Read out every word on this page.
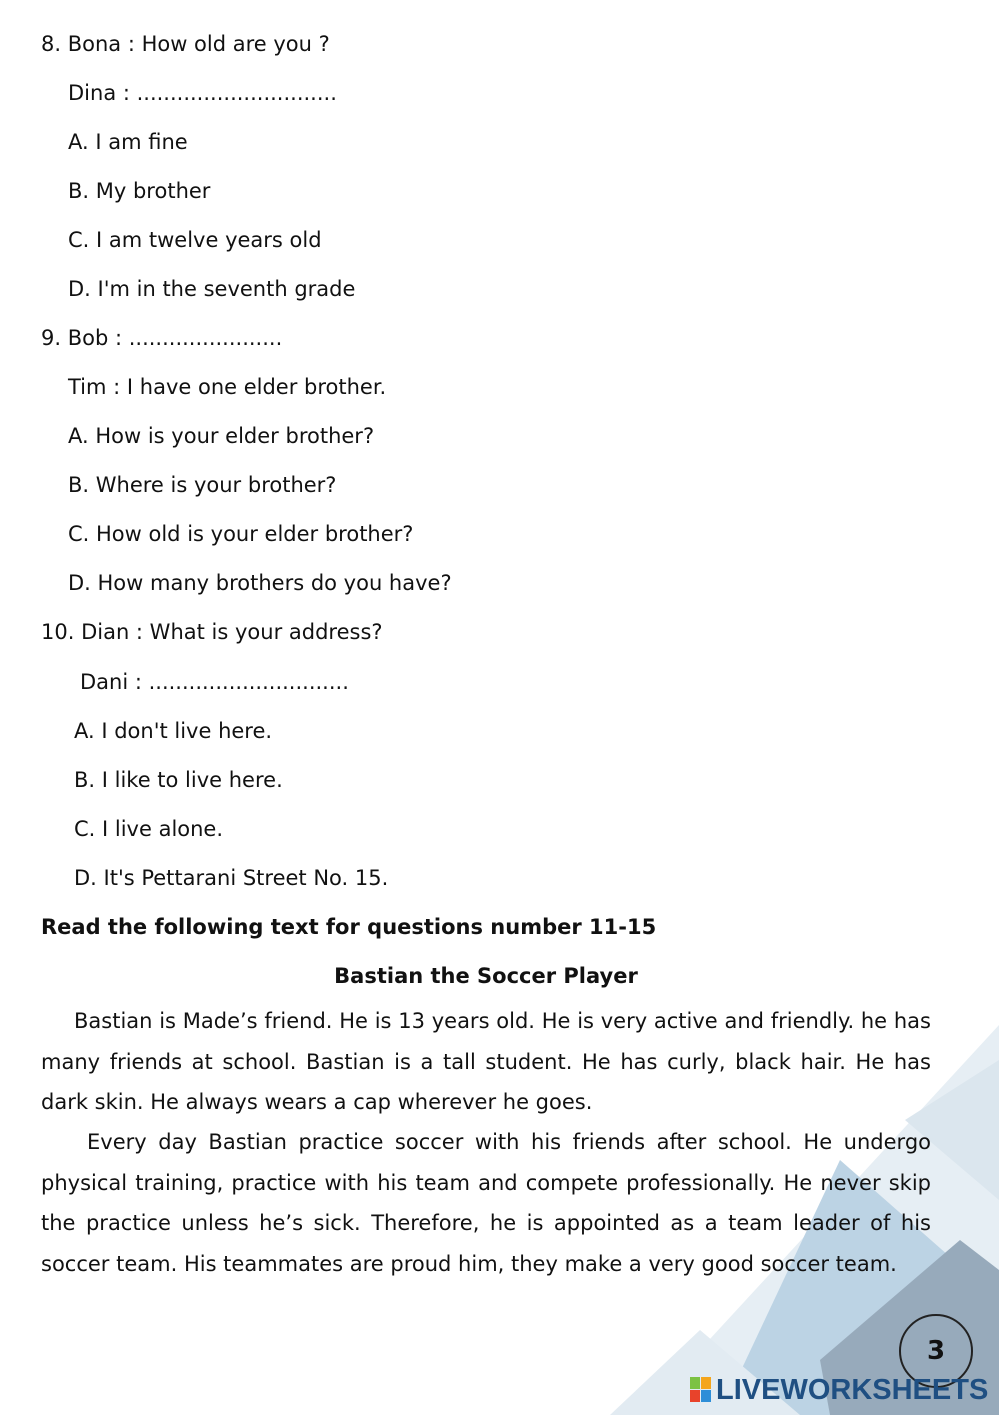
8. Bona : How old are you ?
Dina : ..............................
A. I am fine
B. My brother
C. I am twelve years old
D. I'm in the seventh grade
9. Bob : .......................
Tim : I have one elder brother.
A. How is your elder brother?
B. Where is your brother?
C. How old is your elder brother?
D. How many brothers do you have?
10. Dian : What is your address?
Dani : ..............................
A. I don't live here.
B. I like to live here.
C. I live alone.
D. It's Pettarani Street No. 15.
Read the following text for questions number 11-15
Bastian the Soccer Player
Bastian is Made’s friend. He is 13 years old. He is very active and friendly. he has many friends at school. Bastian is a tall student. He has curly, black hair. He has dark skin. He always wears a cap wherever he goes.
Every day Bastian practice soccer with his friends after school. He undergo physical training, practice with his team and compete professionally. He never skip the practice unless he’s sick. Therefore, he is appointed as a team leader of his soccer team. His teammates are proud him, they make a very good soccer team.
3
LIVEWORKSHEETS
